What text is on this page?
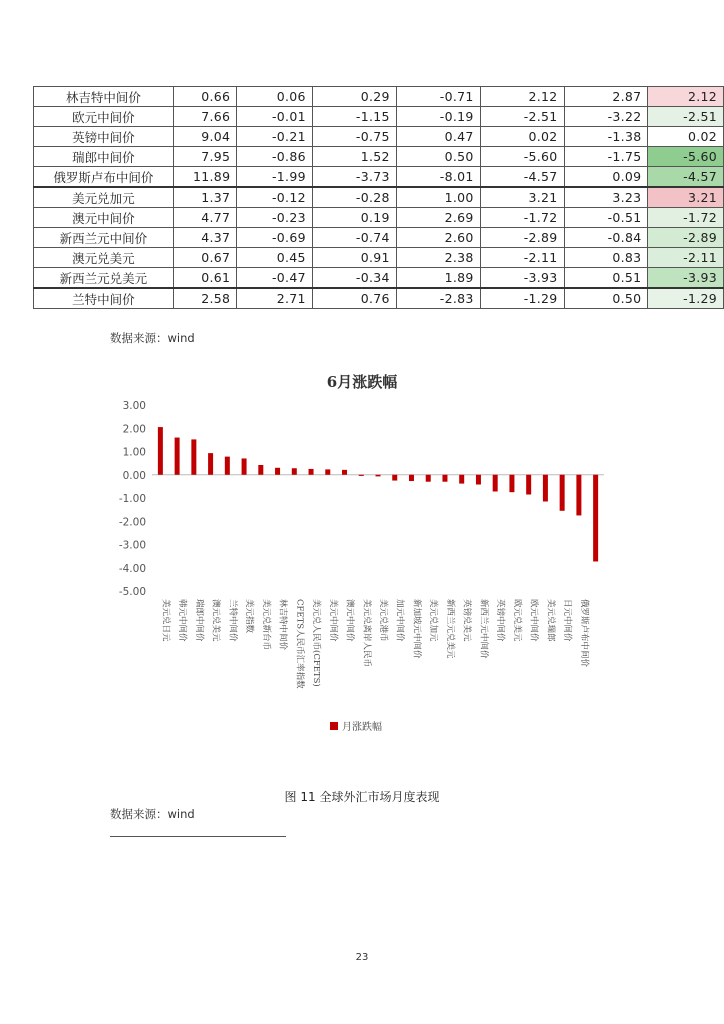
林吉特中间价	0.66	0.06	0.29	-0.71	2.12	2.87	2.12
欧元中间价	7.66	-0.01	-1.15	-0.19	-2.51	-3.22	-2.51
英镑中间价	9.04	-0.21	-0.75	0.47	0.02	-1.38	0.02
瑞郎中间价	7.95	-0.86	1.52	0.50	-5.60	-1.75	-5.60
俄罗斯卢布中间价	11.89	-1.99	-3.73	-8.01	-4.57	0.09	-4.57
美元兑加元	1.37	-0.12	-0.28	1.00	3.21	3.23	3.21
澳元中间价	4.77	-0.23	0.19	2.69	-1.72	-0.51	-1.72
新西兰元中间价	4.37	-0.69	-0.74	2.60	-2.89	-0.84	-2.89
澳元兑美元	0.67	0.45	0.91	2.38	-2.11	0.83	-2.11
新西兰元兑美元	0.61	-0.47	-0.34	1.89	-3.93	0.51	-3.93
兰特中间价	2.58	2.71	0.76	-2.83	-1.29	0.50	-1.29
数据来源：wind
6月涨跌幅
3.00
2.00
1.00
0.00
-1.00
-2.00
-3.00
-4.00
-5.00
美元兑日元 韩元中间价 瑞郎中间价 澳元兑美元 兰特中间价 美元指数 美元兑新台币 林吉特中间价 CFETS人民币汇率指数 美元兑人民币(CFETS) 美元中间价 澳元中间价 美元兑离岸人民币 美元兑港币 加元中间价 新加坡元中间价 美元兑加元 新西兰元兑美元 英镑兑美元 新西兰元中间价 英镑中间价 欧元兑美元 欧元中间价 美元兑瑞郎 日元中间价 俄罗斯卢布中间价
月涨跌幅
图 11 全球外汇市场月度表现
数据来源：wind
23
